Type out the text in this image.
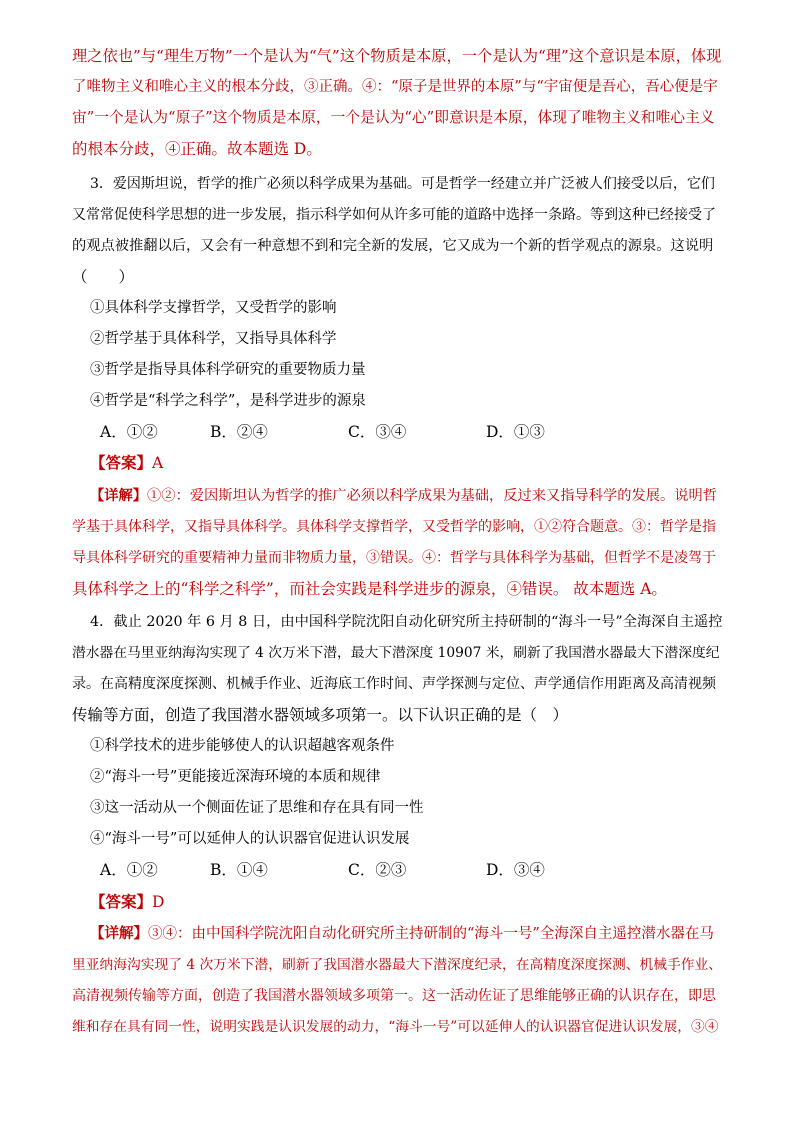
理之依也”与“理生万物”一个是认为“气”这个物质是本原，一个是认为“理”这个意识是本原，体现
了唯物主义和唯心主义的根本分歧，③正确。④：“原子是世界的本原”与“宇宙便是吾心，吾心便是宇
宙”一个是认为“原子”这个物质是本原，一个是认为“心”即意识是本原，体现了唯物主义和唯心主义
的根本分歧，④正确。故本题选 D。
3．爱因斯坦说，哲学的推广必须以科学成果为基础。可是哲学一经建立并广泛被人们接受以后，它们
又常常促使科学思想的进一步发展，指示科学如何从许多可能的道路中选择一条路。等到这种已经接受了
的观点被推翻以后，又会有一种意想不到和完全新的发展，它又成为一个新的哲学观点的源泉。这说明
（　　）
①具体科学支撑哲学，又受哲学的影响
②哲学基于具体科学，又指导具体科学
③哲学是指导具体科学研究的重要物质力量
④哲学是“科学之科学”，是科学进步的源泉
A．①②	B．②④	C．③④	D．①③
【答案】A
【详解】①②：爱因斯坦认为哲学的推广必须以科学成果为基础，反过来又指导科学的发展。说明哲
学基于具体科学，又指导具体科学。具体科学支撑哲学，又受哲学的影响，①②符合题意。③：哲学是指
导具体科学研究的重要精神力量而非物质力量，③错误。④：哲学与具体科学为基础，但哲学不是凌驾于
具体科学之上的“科学之科学”，而社会实践是科学进步的源泉，④错误。 故本题选 A。
4．截止 2020 年 6 月 8 日，由中国科学院沈阳自动化研究所主持研制的“海斗一号”全海深自主遥控
潜水器在马里亚纳海沟实现了 4 次万米下潜，最大下潜深度 10907 米，刷新了我国潜水器最大下潜深度纪
录。在高精度深度探测、机械手作业、近海底工作时间、声学探测与定位、声学通信作用距离及高清视频
传输等方面，创造了我国潜水器领域多项第一。以下认识正确的是（　）
①科学技术的进步能够使人的认识超越客观条件
②“海斗一号”更能接近深海环境的本质和规律
③这一活动从一个侧面佐证了思维和存在具有同一性
④“海斗一号”可以延伸人的认识器官促进认识发展
A．①②	B．①④	C．②③	D．③④
【答案】D
【详解】③④：由中国科学院沈阳自动化研究所主持研制的“海斗一号”全海深自主遥控潜水器在马
里亚纳海沟实现了 4 次万米下潜，刷新了我国潜水器最大下潜深度纪录，在高精度深度探测、机械手作业、
高清视频传输等方面，创造了我国潜水器领域多项第一。这一活动佐证了思维能够正确的认识存在，即思
维和存在具有同一性，说明实践是认识发展的动力，“海斗一号”可以延伸人的认识器官促进认识发展，③④
